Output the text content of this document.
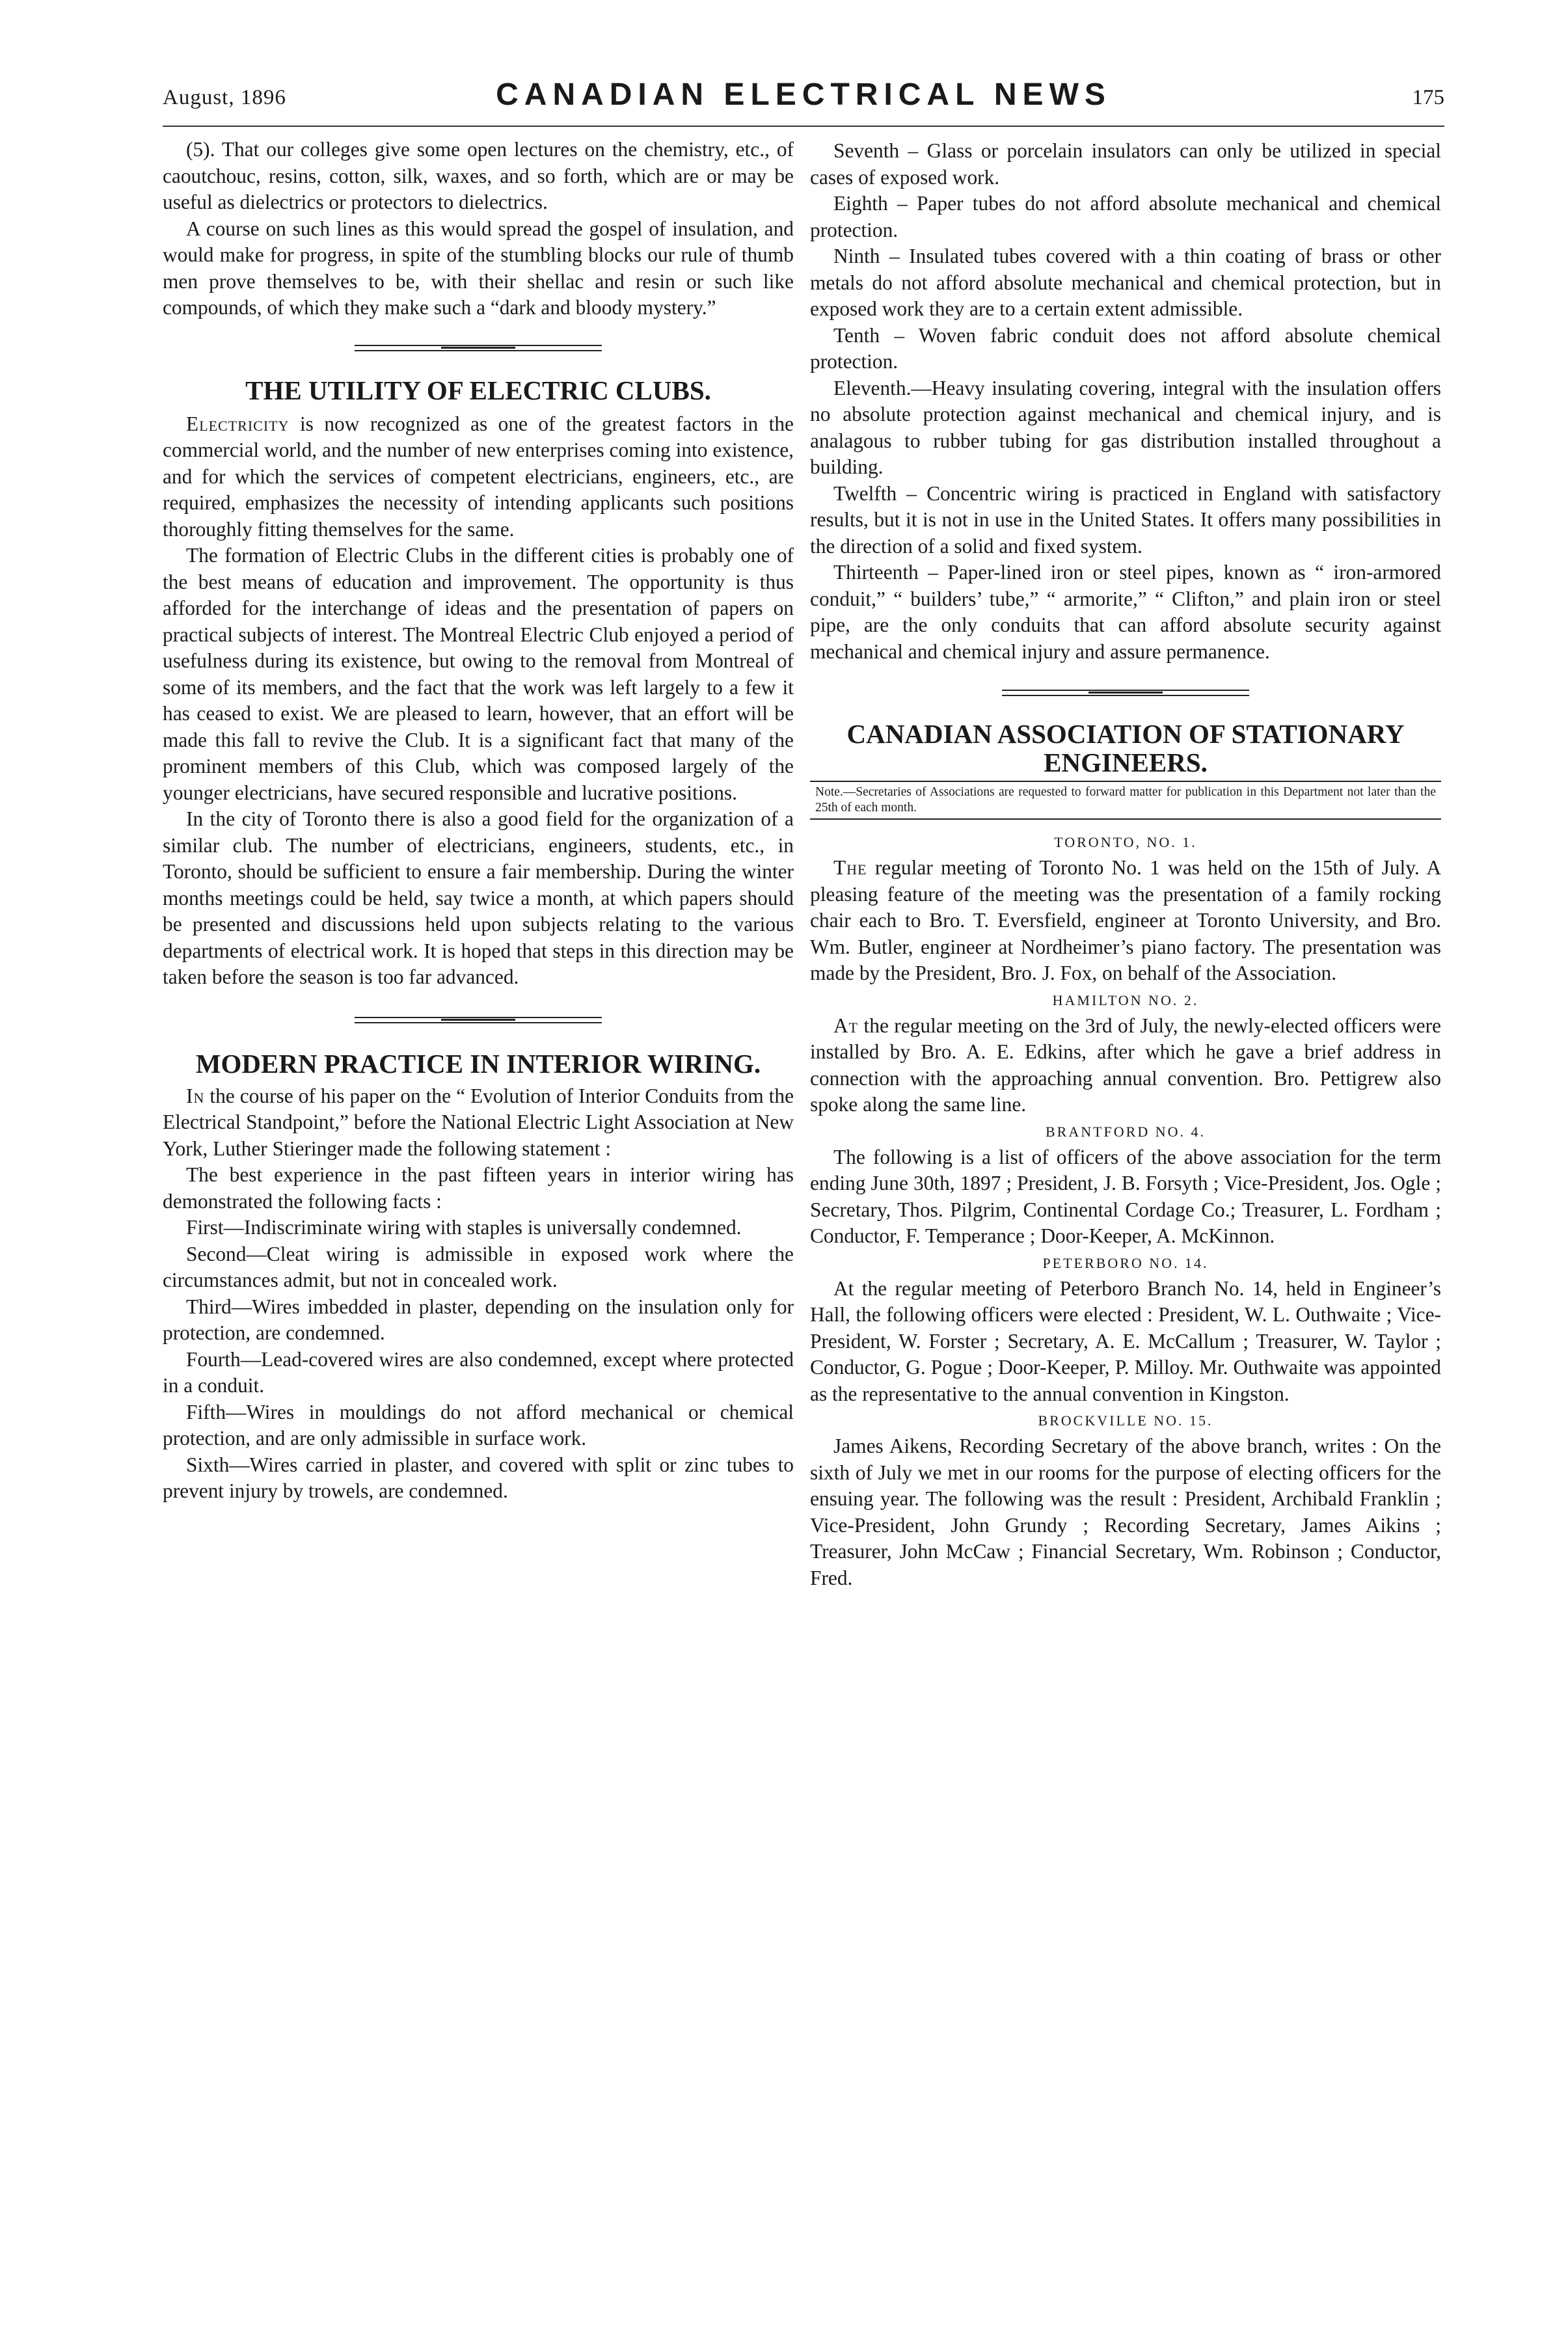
August, 1896	CANADIAN ELECTRICAL NEWS	175

(5). That our colleges give some open lectures on the chemistry, etc., of caoutchouc, resins, cotton, silk, waxes, and so forth, which are or may be useful as dielectrics or protectors to dielectrics.

A course on such lines as this would spread the gospel of insulation, and would make for progress, in spite of the stumbling blocks our rule of thumb men prove themselves to be, with their shellac and resin or such like compounds, of which they make such a “dark and bloody mystery.”

THE UTILITY OF ELECTRIC CLUBS.

Electricity is now recognized as one of the greatest factors in the commercial world, and the number of new enterprises coming into existence, and for which the services of competent electricians, engineers, etc., are required, emphasizes the necessity of intending applicants such positions thoroughly fitting themselves for the same.

The formation of Electric Clubs in the different cities is probably one of the best means of education and improvement. The opportunity is thus afforded for the interchange of ideas and the presentation of papers on practical subjects of interest. The Montreal Electric Club enjoyed a period of usefulness during its existence, but owing to the removal from Montreal of some of its members, and the fact that the work was left largely to a few it has ceased to exist. We are pleased to learn, however, that an effort will be made this fall to revive the Club. It is a significant fact that many of the prominent members of this Club, which was composed largely of the younger electricians, have secured responsible and lucrative positions.

In the city of Toronto there is also a good field for the organization of a similar club. The number of electricians, engineers, students, etc., in Toronto, should be sufficient to ensure a fair membership. During the winter months meetings could be held, say twice a month, at which papers should be presented and discussions held upon subjects relating to the various departments of electrical work. It is hoped that steps in this direction may be taken before the season is too far advanced.

MODERN PRACTICE IN INTERIOR WIRING.

In the course of his paper on the “ Evolution of Interior Conduits from the Electrical Standpoint,” before the National Electric Light Association at New York, Luther Stieringer made the following statement :

The best experience in the past fifteen years in interior wiring has demonstrated the following facts :

First—Indiscriminate wiring with staples is universally condemned.

Second—Cleat wiring is admissible in exposed work where the circumstances admit, but not in concealed work.

Third—Wires imbedded in plaster, depending on the insulation only for protection, are condemned.

Fourth—Lead-covered wires are also condemned, except where protected in a conduit.

Fifth—Wires in mouldings do not afford mechanical or chemical protection, and are only admissible in surface work.

Sixth—Wires carried in plaster, and covered with split or zinc tubes to prevent injury by trowels, are condemned.

Seventh – Glass or porcelain insulators can only be utilized in special cases of exposed work.

Eighth – Paper tubes do not afford absolute mechanical and chemical protection.

Ninth – Insulated tubes covered with a thin coating of brass or other metals do not afford absolute mechanical and chemical protection, but in exposed work they are to a certain extent admissible.

Tenth – Woven fabric conduit does not afford absolute chemical protection.

Eleventh.—Heavy insulating covering, integral with the insulation offers no absolute protection against mechanical and chemical injury, and is analagous to rubber tubing for gas distribution installed throughout a building.

Twelfth – Concentric wiring is practiced in England with satisfactory results, but it is not in use in the United States. It offers many possibilities in the direction of a solid and fixed system.

Thirteenth – Paper-lined iron or steel pipes, known as “ iron-armored conduit,” “ builders’ tube,” “ armorite,” “ Clifton,” and plain iron or steel pipe, are the only conduits that can afford absolute security against mechanical and chemical injury and assure permanence.

CANADIAN ASSOCIATION OF STATIONARY ENGINEERS.

Note.—Secretaries of Associations are requested to forward matter for publication in this Department not later than the 25th of each month.

TORONTO, NO. 1.

The regular meeting of Toronto No. 1 was held on the 15th of July. A pleasing feature of the meeting was the presentation of a family rocking chair each to Bro. T. Eversfield, engineer at Toronto University, and Bro. Wm. Butler, engineer at Nordheimer’s piano factory. The presentation was made by the President, Bro. J. Fox, on behalf of the Association.

HAMILTON NO. 2.

At the regular meeting on the 3rd of July, the newly-elected officers were installed by Bro. A. E. Edkins, after which he gave a brief address in connection with the approaching annual convention. Bro. Pettigrew also spoke along the same line.

BRANTFORD NO. 4.

The following is a list of officers of the above association for the term ending June 30th, 1897 ; President, J. B. Forsyth ; Vice-President, Jos. Ogle ; Secretary, Thos. Pilgrim, Continental Cordage Co.; Treasurer, L. Fordham ; Conductor, F. Temperance ; Door-Keeper, A. McKinnon.

PETERBORO NO. 14.

At the regular meeting of Peterboro Branch No. 14, held in Engineer’s Hall, the following officers were elected : President, W. L. Outhwaite ; Vice-President, W. Forster ; Secretary, A. E. McCallum ; Treasurer, W. Taylor ; Conductor, G. Pogue ; Door-Keeper, P. Milloy. Mr. Outhwaite was appointed as the representative to the annual convention in Kingston.

BROCKVILLE NO. 15.

James Aikens, Recording Secretary of the above branch, writes : On the sixth of July we met in our rooms for the purpose of electing officers for the ensuing year. The following was the result : President, Archibald Franklin ; Vice-President, John Grundy ; Recording Secretary, James Aikins ; Treasurer, John McCaw ; Financial Secretary, Wm. Robinson ; Conductor, Fred.
